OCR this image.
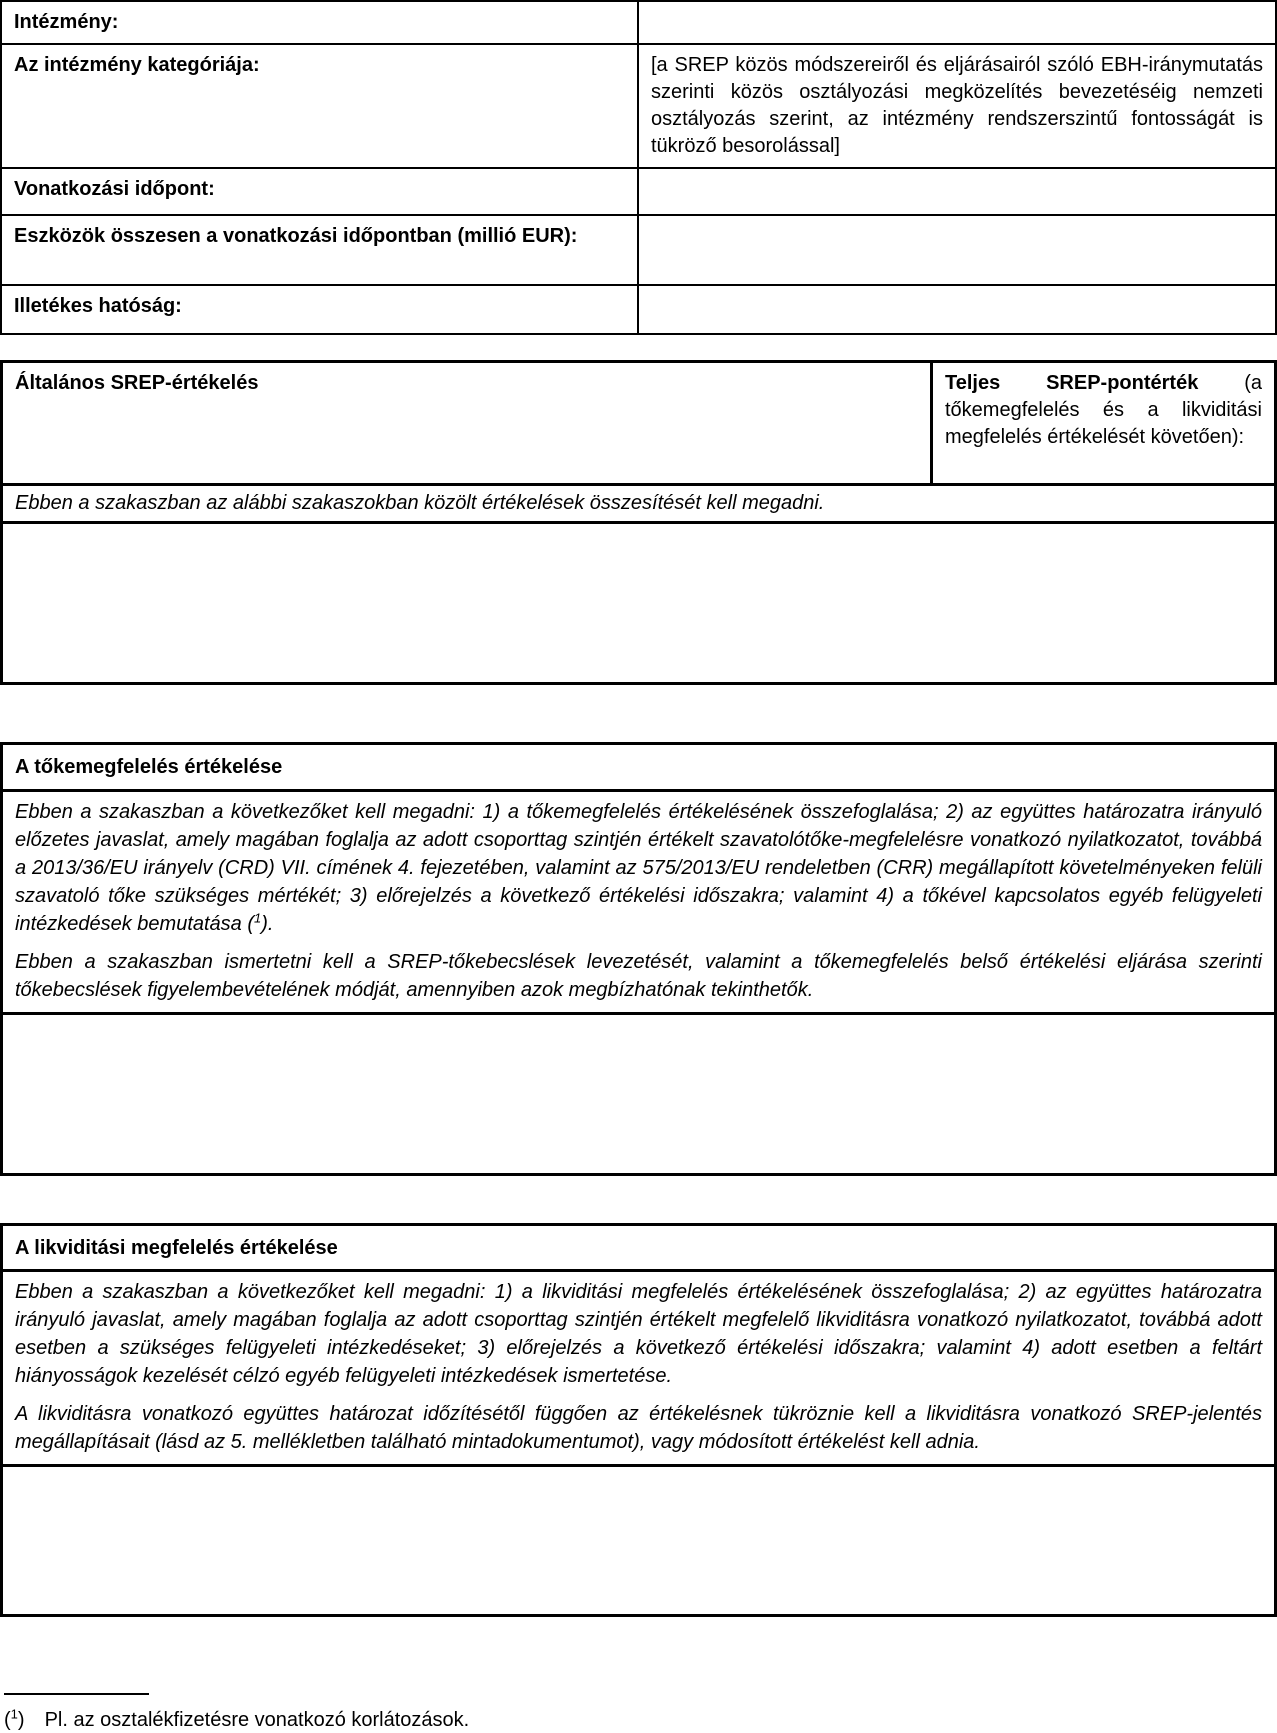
Intézmény:	
Az intézmény kategóriája:	[a SREP közös módszereiről és eljárásairól szóló EBH-iránymutatás szerinti közös osztályozási megközelítés bevezetéséig nemzeti osztályozás szerint, az intézmény rendszerszintű fontosságát is tükröző besorolással]
Vonatkozási időpont:	
Eszközök összesen a vonatkozási időpontban (millió EUR):	
Illetékes hatóság:	
Általános SREP-értékelés	Teljes SREP-pontérték (a tőkemegfelelés és a likviditási megfelelés értékelését követően):
Ebben a szakaszban az alábbi szakaszokban közölt értékelések összesítését kell megadni.

A tőkemegfelelés értékelése

Ebben a szakaszban a következőket kell megadni: 1) a tőkemegfelelés értékelésének összefoglalása; 2) az együttes határozatra irányuló előzetes javaslat, amely magában foglalja az adott csoporttag szintjén értékelt szavatolótőke-megfelelésre vonatkozó nyilatkozatot, továbbá a 2013/36/EU irányelv (CRD) VII. címének 4. fejezetében, valamint az 575/2013/EU rendeletben (CRR) megállapított követelményeken felüli szavatoló tőke szükséges mértékét; 3) előrejelzés a következő értékelési időszakra; valamint 4) a tőkével kapcsolatos egyéb felügyeleti intézkedések bemutatása ($^1$).

Ebben a szakaszban ismertetni kell a SREP-tőkebecslések levezetését, valamint a tőkemegfelelés belső értékelési eljárása szerinti tőkebecslések figyelembevételének módját, amennyiben azok megbízhatónak tekinthetők.

A likviditási megfelelés értékelése

Ebben a szakaszban a következőket kell megadni: 1) a likviditási megfelelés értékelésének összefoglalása; 2) az együttes határozatra irányuló javaslat, amely magában foglalja az adott csoporttag szintjén értékelt megfelelő likviditásra vonatkozó nyilatkozatot, továbbá adott esetben a szükséges felügyeleti intézkedéseket; 3) előrejelzés a következő értékelési időszakra; valamint 4) adott esetben a feltárt hiányosságok kezelését célzó egyéb felügyeleti intézkedések ismertetése.

A likviditásra vonatkozó együttes határozat időzítésétől függően az értékelésnek tükröznie kell a likviditásra vonatkozó SREP-jelentés megállapításait (lásd az 5. mellékletben található mintadokumentumot), vagy módosított értékelést kell adnia.

($^1$) Pl. az osztalékfizetésre vonatkozó korlátozások.
